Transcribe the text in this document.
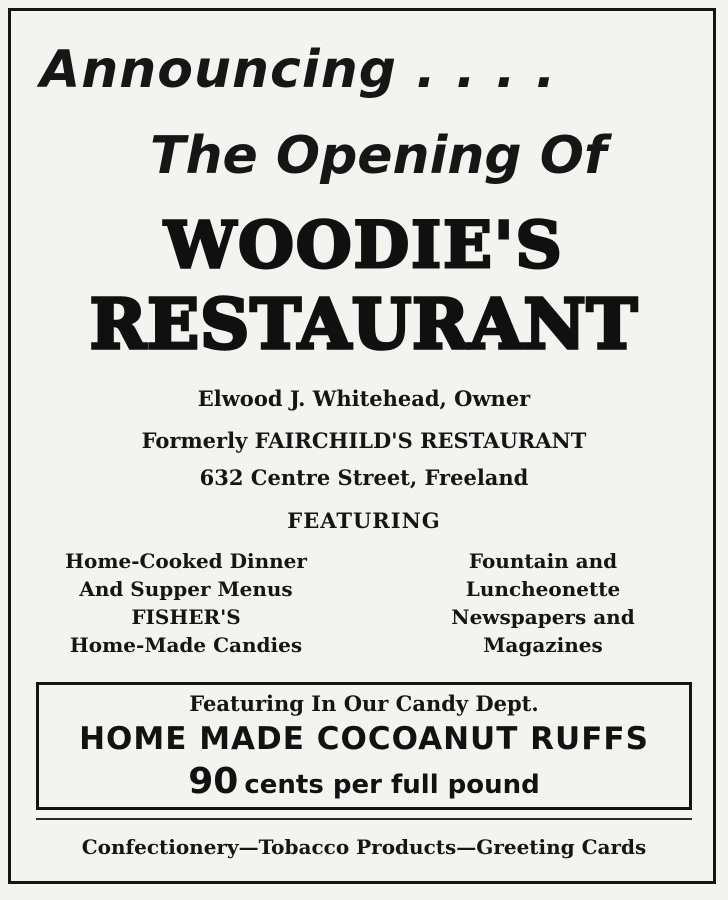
Announcing . . . .
The Opening Of
WOODIE'S
RESTAURANT
Elwood J. Whitehead, Owner
Formerly FAIRCHILD'S RESTAURANT
632 Centre Street, Freeland
FEATURING
Home-Cooked Dinner
And Supper Menus
FISHER'S
Home-Made Candies
Fountain and
Luncheonette
Newspapers and
Magazines
Featuring In Our Candy Dept.
HOME MADE COCOANUT RUFFS
90 cents per full pound
Confectionery—Tobacco Products—Greeting Cards
